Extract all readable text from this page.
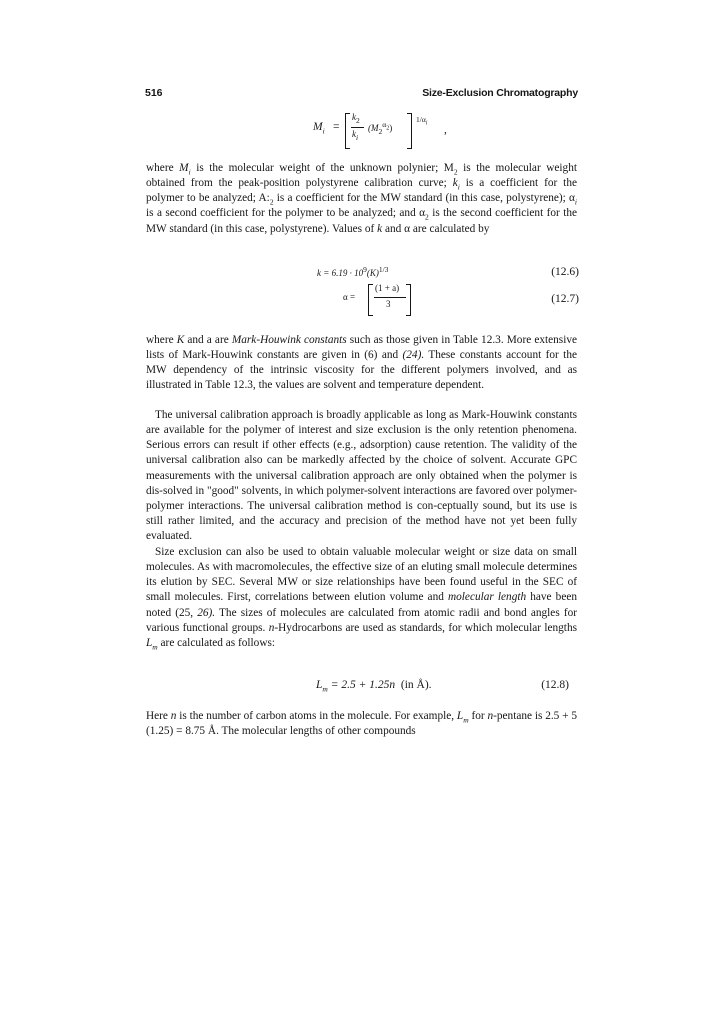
516	Size-Exclusion Chromatography
$M_i$ =
$k_2$
$k_i$
$(M_2^{\alpha_2})$
$1/\alpha_i$
,

where $M_i$ is the molecular weight of the unknown polynier; $M_2$ is the molecular weight obtained from the peak-position polystyrene calibration curve; $k_i$ is a coefficient for the polymer to be analyzed; $A:_2$ is a coefficient for the MW standard (in this case, polystyrene); $\alpha_i$ is a second coefficient for the polymer to be analyzed; and $\alpha_2$ is the second coefficient for the MW standard (in this case, polystyrene). Values of k and α are calculated by

$k = 6.19 \cdot 10^9(K)^{1/3}$	(12.6)
α =
(1 + a)
3	(12.7)

where K and a are Mark-Houwink constants such as those given in Table 12.3. More extensive lists of Mark-Houwink constants are given in (6) and (24). These constants account for the MW dependency of the intrinsic viscosity for the different polymers involved, and as illustrated in Table 12.3, the values are solvent and temperature dependent.

The universal calibration approach is broadly applicable as long as Mark-Houwink constants are available for the polymer of interest and size exclusion is the only retention phenomena. Serious errors can result if other effects (e.g., adsorption) cause retention. The validity of the universal calibration also can be markedly affected by the choice of solvent. Accurate GPC measurements with the universal calibration approach are only obtained when the polymer is dis-solved in "good" solvents, in which polymer-solvent interactions are favored over polymer-polymer interactions. The universal calibration method is con-ceptually sound, but its use is still rather limited, and the accuracy and precision of the method have not yet been fully evaluated.

Size exclusion can also be used to obtain valuable molecular weight or size data on small molecules. As with macromolecules, the effective size of an eluting small molecule determines its elution by SEC. Several MW or size relationships have been found useful in the SEC of small molecules. First, correlations between elution volume and molecular length have been noted (25, 26). The sizes of molecules are calculated from atomic radii and bond angles for various functional groups. n-Hydrocarbons are used as standards, for which molecular lengths $L_m$ are calculated as follows:

$L_m = 2.5 + 1.25n$ (in Å).	(12.8)

Here n is the number of carbon atoms in the molecule. For example, $L_m$ for n-pentane is 2.5 + 5 (1.25) = 8.75 Å. The molecular lengths of other compounds
